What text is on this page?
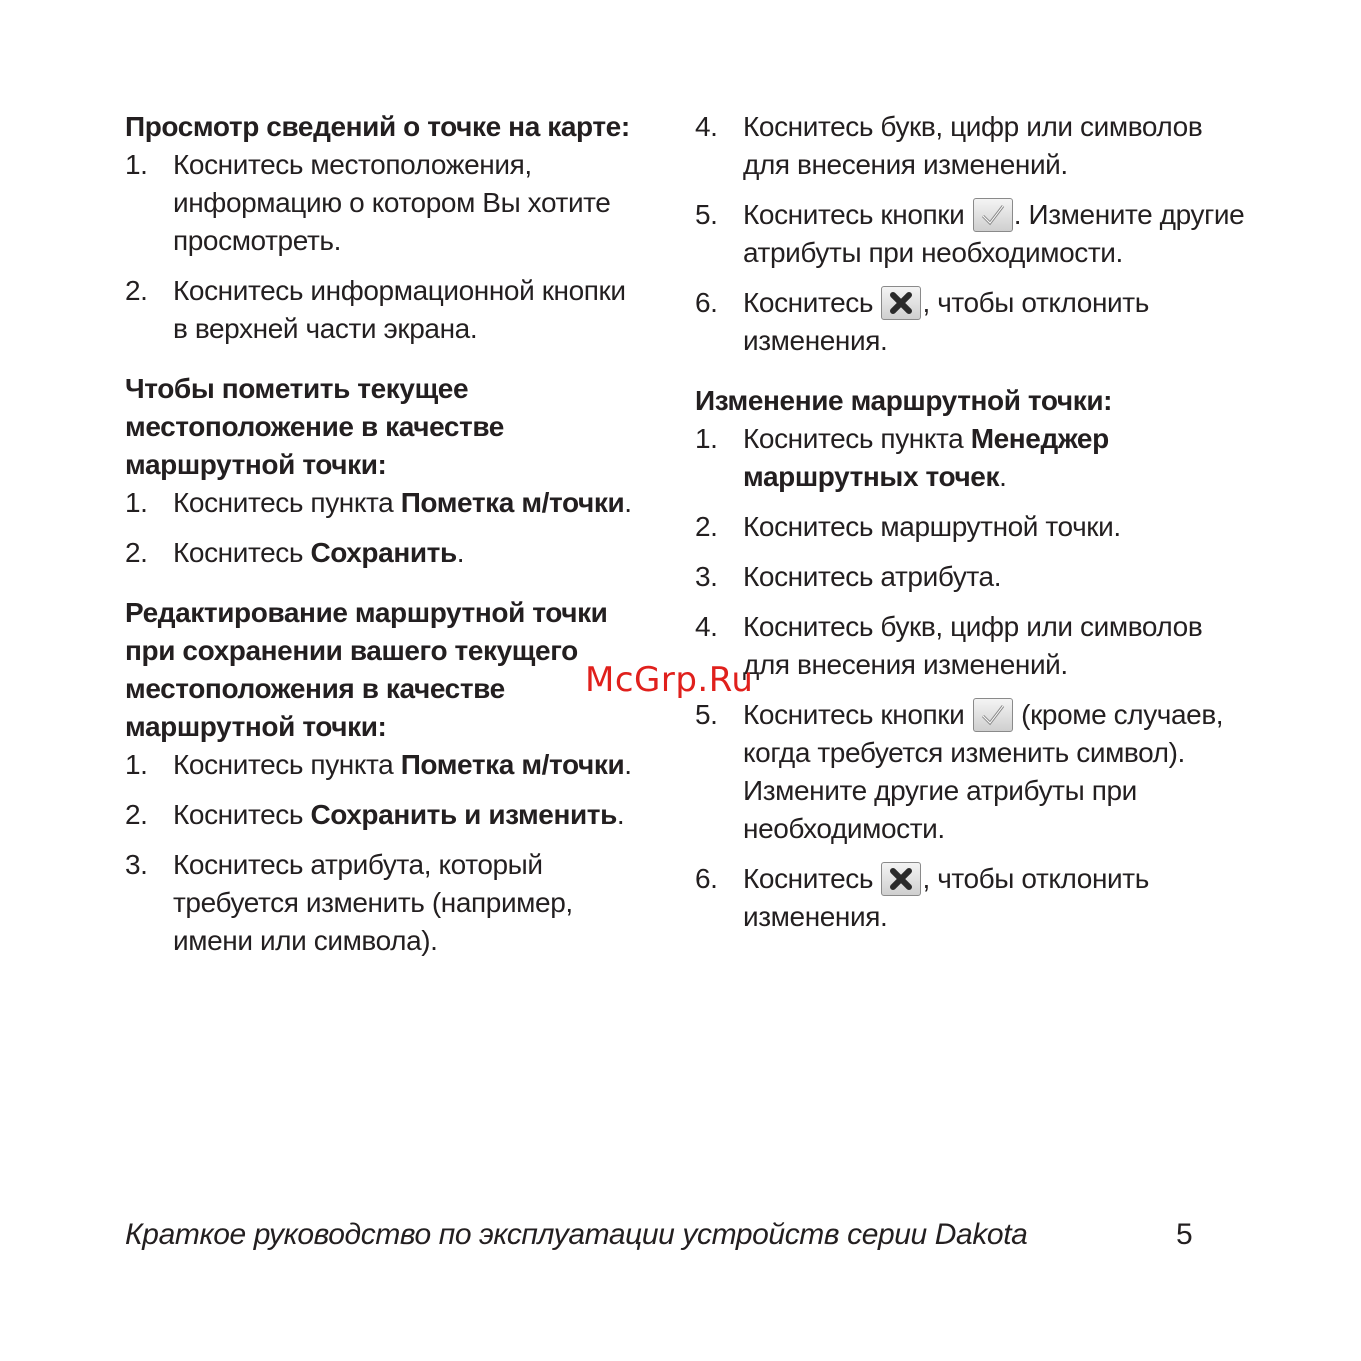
Просмотр сведений о точке на карте:

1. Коснитесь местоположения, информацию о котором Вы хотите просмотреть.
2. Коснитесь информационной кнопки в верхней части экрана.

Чтобы пометить текущее местоположение в качестве маршрутной точки:

1. Коснитесь пункта Пометка м/точки.
2. Коснитесь Сохранить.

Редактирование маршрутной точки при сохранении вашего текущего местоположения в качестве маршрутной точки:

1. Коснитесь пункта Пометка м/точки.
2. Коснитесь Сохранить и изменить.
3. Коснитесь атрибута, который требуется изменить (например, имени или символа).
4. Коснитесь букв, цифр или символов для внесения изменений.
5. Коснитесь кнопки
. Измените другие атрибуты при необходимости.
6. Коснитесь
, чтобы отклонить изменения.

Изменение маршрутной точки:

1. Коснитесь пункта Менеджер маршрутных точек.
2. Коснитесь маршрутной точки.
3. Коснитесь атрибута.
4. Коснитесь букв, цифр или символов для внесения изменений.
5. Коснитесь кнопки
(кроме случаев, когда требуется изменить символ). Измените другие атрибуты при необходимости.
6. Коснитесь
, чтобы отклонить изменения.
McGrp.Ru
Краткое руководство по эксплуатации устройств серии Dakota	5
